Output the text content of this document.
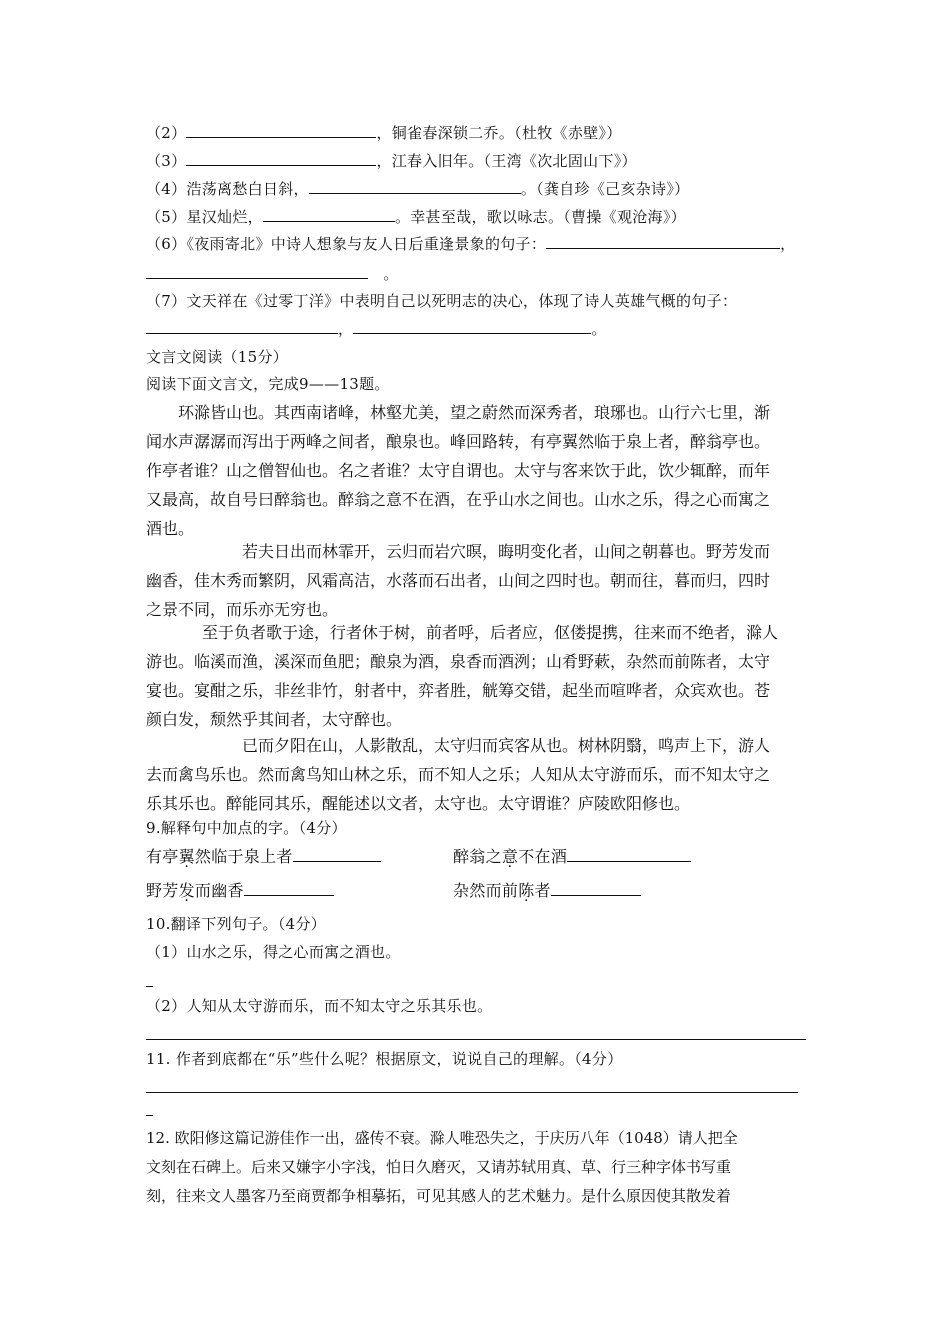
（2）	，铜雀春深锁二乔。（杜牧《赤壁》）
（3）	，江春入旧年。（王湾《次北固山下》）
（4）浩荡离愁白日斜，	。（龚自珍《己亥杂诗》）
（5）星汉灿烂，	。幸甚至哉，歌以咏志。（曹操《观沧海》）
（6）《夜雨寄北》中诗人想象与友人日后重逢景象的句子：	，
　。
（7）文天祥在《过零丁洋》中表明自己以死明志的决心，体现了诗人英雄气概的句子：
，	。
文言文阅读（15分）
阅读下面文言文，完成9——13题。
　　环滁皆山也。其西南诸峰，林壑尤美，望之蔚然而深秀者，琅琊也。山行六七里，渐
闻水声潺潺而泻出于两峰之间者，酿泉也。峰回路转，有亭翼然临于泉上者，醉翁亭也。
作亭者谁？山之僧智仙也。名之者谁？太守自谓也。太守与客来饮于此，饮少辄醉，而年
又最高，故自号曰醉翁也。醉翁之意不在酒，在乎山水之间也。山水之乐，得之心而寓之
酒也。
若夫日出而林霏开，云归而岩穴暝，晦明变化者，山间之朝暮也。野芳发而
幽香，佳木秀而繁阴，风霜高洁，水落而石出者，山间之四时也。朝而往，暮而归，四时
之景不同，而乐亦无穷也。
至于负者歌于途，行者休于树，前者呼，后者应，伛偻提携，往来而不绝者，滁人
游也。临溪而渔，溪深而鱼肥；酿泉为酒，泉香而酒洌；山肴野蔌，杂然而前陈者，太守
宴也。宴酣之乐，非丝非竹，射者中，弈者胜，觥筹交错，起坐而喧哗者，众宾欢也。苍
颜白发，颓然乎其间者，太守醉也。
已而夕阳在山，人影散乱，太守归而宾客从也。树林阴翳，鸣声上下，游人
去而禽鸟乐也。然而禽鸟知山林之乐，而不知人之乐；人知从太守游而乐，而不知太守之
乐其乐也。醉能同其乐，醒能述以文者，太守也。太守谓谁？庐陵欧阳修也。
9.解释句中加点的字。（4分）
有亭翼然临于泉上者	醉翁之意不在酒
野芳发而幽香	杂然而前陈者
10.翻译下列句子。（4分）
（1）山水之乐，得之心而寓之酒也。
（2）人知从太守游而乐，而不知太守之乐其乐也。
11. 作者到底都在“乐”些什么呢？根据原文，说说自己的理解。（4分）
12. 欧阳修这篇记游佳作一出，盛传不衰。滁人唯恐失之，于庆历八年（1048）请人把全
文刻在石碑上。后来又嫌字小字浅，怕日久磨灭，又请苏轼用真、草、行三种字体书写重
刻，往来文人墨客乃至商贾都争相摹拓，可见其感人的艺术魅力。是什么原因使其散发着
